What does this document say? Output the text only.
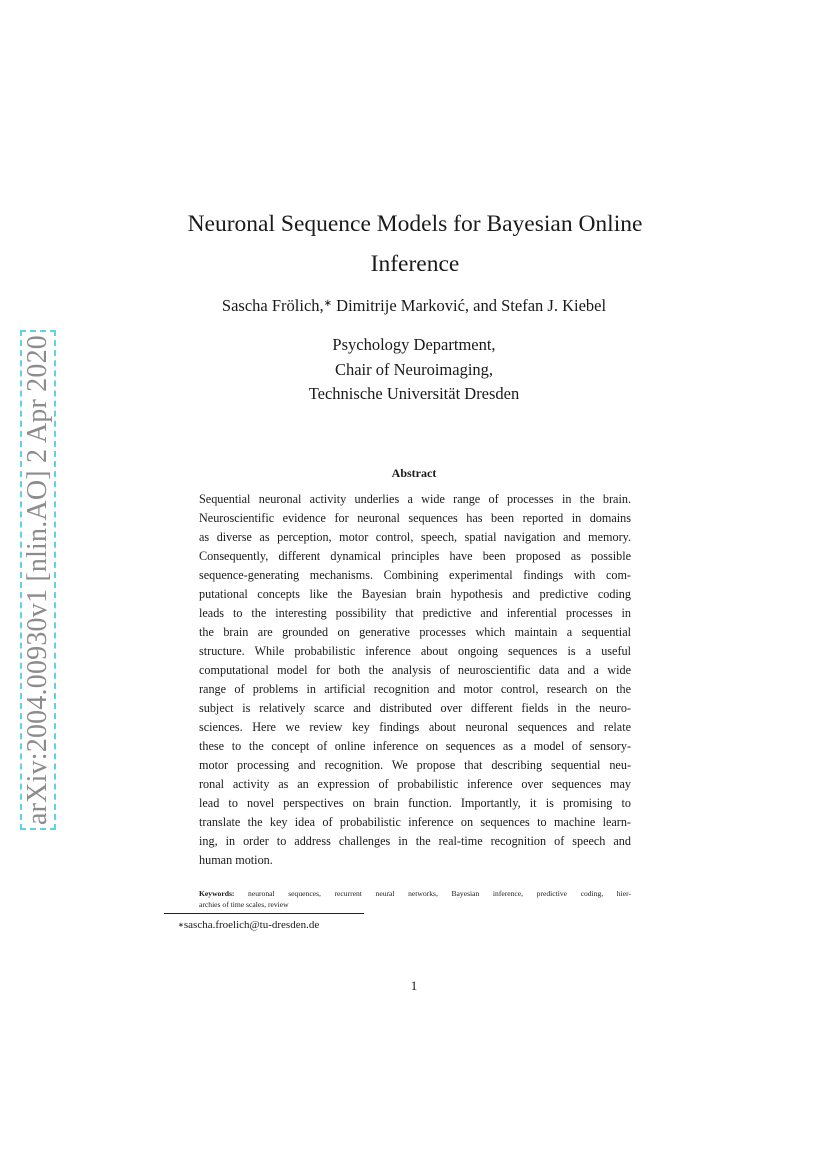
arXiv:2004.00930v1 [nlin.AO] 2 Apr 2020
Neuronal Sequence Models for Bayesian Online
Inference
Sascha Frölich,∗ Dimitrije Marković, and Stefan J. Kiebel
Psychology Department,
Chair of Neuroimaging,
Technische Universität Dresden
Abstract
Sequential neuronal activity underlies a wide range of processes in the brain.
Neuroscientific evidence for neuronal sequences has been reported in domains
as diverse as perception, motor control, speech, spatial navigation and memory.
Consequently, different dynamical principles have been proposed as possible
sequence-generating mechanisms. Combining experimental findings with com-
putational concepts like the Bayesian brain hypothesis and predictive coding
leads to the interesting possibility that predictive and inferential processes in
the brain are grounded on generative processes which maintain a sequential
structure. While probabilistic inference about ongoing sequences is a useful
computational model for both the analysis of neuroscientific data and a wide
range of problems in artificial recognition and motor control, research on the
subject is relatively scarce and distributed over different fields in the neuro-
sciences. Here we review key findings about neuronal sequences and relate
these to the concept of online inference on sequences as a model of sensory-
motor processing and recognition. We propose that describing sequential neu-
ronal activity as an expression of probabilistic inference over sequences may
lead to novel perspectives on brain function. Importantly, it is promising to
translate the key idea of probabilistic inference on sequences to machine learn-
ing, in order to address challenges in the real-time recognition of speech and
human motion.
Keywords: neuronal sequences, recurrent neural networks, Bayesian inference, predictive coding, hier-
archies of time scales, review
∗sascha.froelich@tu-dresden.de
1
